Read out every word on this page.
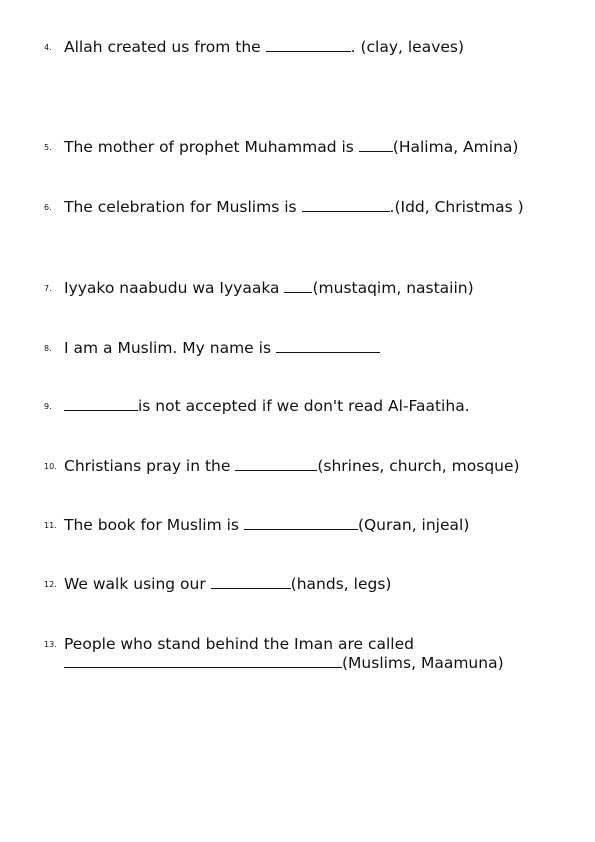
4. Allah created us from the	. (clay, leaves)
5. The mother of prophet Muhammad is (Halima, Amina)
6. The celebration for Muslims is	.(Idd, Christmas )
7. Iyyako naabudu wa Iyyaaka (mustaqim, nastaiin)
8. I am a Muslim. My name is
9.	is not accepted if we don't read Al-Faatiha.
10. Christians pray in the	(shrines, church, mosque)
11. The book for Muslim is	(Quran, injeal)
12. We walk using our	(hands, legs)
13. People who stand behind the Iman are called
(Muslims, Maamuna)
